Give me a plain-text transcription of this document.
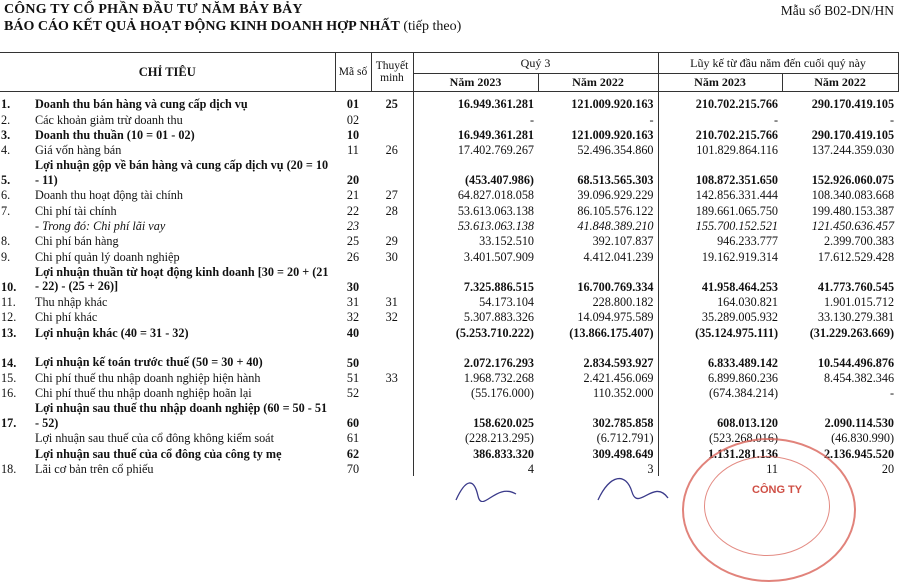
CÔNG TY CỔ PHẦN ĐẦU TƯ NĂM BẢY BẢY	Mẫu số B02-DN/HN
BÁO CÁO KẾT QUẢ HOẠT ĐỘNG KINH DOANH HỢP NHẤT (tiếp theo)
CHỈ TIÊU		Mã số	Thuyết minh	Quý 3		Lũy kế từ đầu năm đến cuối quý này	
				Năm 2023	Năm 2022	Năm 2023	Năm 2022
1.	Doanh thu bán hàng và cung cấp dịch vụ	01	25	16.949.361.281	121.009.920.163	210.702.215.766	290.170.419.105
2.	Các khoản giảm trừ doanh thu	02		-	-	-	-
3.	Doanh thu thuần (10 = 01 - 02)	10		16.949.361.281	121.009.920.163	210.702.215.766	290.170.419.105
4.	Giá vốn hàng bán	11	26	17.402.769.267	52.496.354.860	101.829.864.116	137.244.359.030
5.	Lợi nhuận gộp về bán hàng và cung cấp dịch vụ (20 = 10 - 11)	20		(453.407.986)	68.513.565.303	108.872.351.650	152.926.060.075
6.	Doanh thu hoạt động tài chính	21	27	64.827.018.058	39.096.929.229	142.856.331.444	108.340.083.668
7.	Chi phí tài chính	22	28	53.613.063.138	86.105.576.122	189.661.065.750	199.480.153.387
	- Trong đó: Chi phí lãi vay	23		53.613.063.138	41.848.389.210	155.700.152.521	121.450.636.457
8.	Chi phí bán hàng	25	29	33.152.510	392.107.837	946.233.777	2.399.700.383
9.	Chi phí quản lý doanh nghiệp	26	30	3.401.507.909	4.412.041.239	19.162.919.314	17.612.529.428
10.	Lợi nhuận thuần từ hoạt động kinh doanh [30 = 20 + (21 - 22) - (25 + 26)]	30		7.325.886.515	16.700.769.334	41.958.464.253	41.773.760.545
11.	Thu nhập khác	31	31	54.173.104	228.800.182	164.030.821	1.901.015.712
12.	Chi phí khác	32	32	5.307.883.326	14.094.975.589	35.289.005.932	33.130.279.381
13.	Lợi nhuận khác (40 = 31 - 32)	40		(5.253.710.222)	(13.866.175.407)	(35.124.975.111)	(31.229.263.669)
14.	Lợi nhuận kế toán trước thuế (50 = 30 + 40)	50		2.072.176.293	2.834.593.927	6.833.489.142	10.544.496.876
15.	Chi phí thuế thu nhập doanh nghiệp hiện hành	51	33	1.968.732.268	2.421.456.069	6.899.860.236	8.454.382.346
16.	Chi phí thuế thu nhập doanh nghiệp hoãn lại	52		(55.176.000)	110.352.000	(674.384.214)	-
17.	Lợi nhuận sau thuế thu nhập doanh nghiệp (60 = 50 - 51 - 52)	60		158.620.025	302.785.858	608.013.120	2.090.114.530
	Lợi nhuận sau thuế của cổ đông không kiểm soát	61		(228.213.295)	(6.712.791)	(523.268.016)	(46.830.990)
	Lợi nhuận sau thuế của cổ đông của công ty mẹ	62		386.833.320	309.498.649	1.131.281.136	2.136.945.520
18.	Lãi cơ bản trên cổ phiếu	70		4	3	11	20
CÔNG TY
